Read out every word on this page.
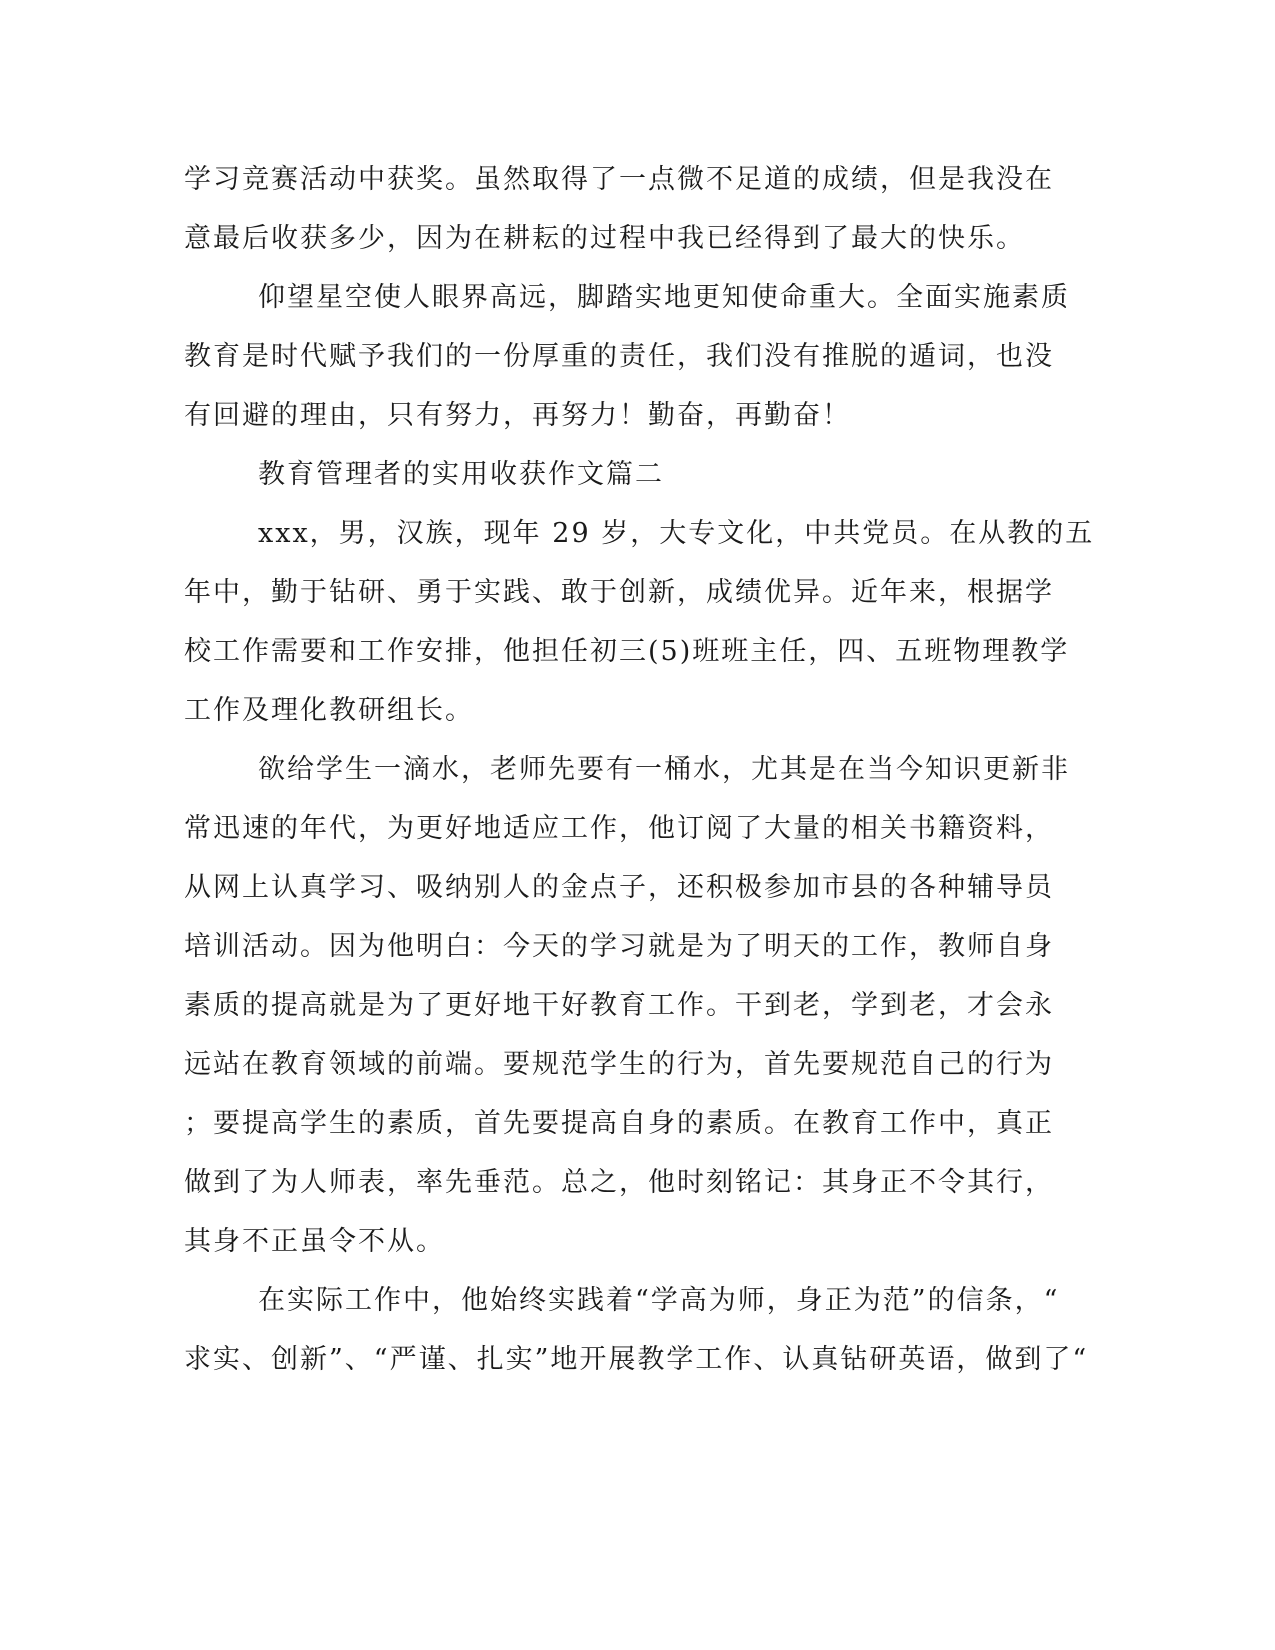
学习竞赛活动中获奖。虽然取得了一点微不足道的成绩，但是我没在
意最后收获多少，因为在耕耘的过程中我已经得到了最大的快乐。
仰望星空使人眼界高远，脚踏实地更知使命重大。全面实施素质
教育是时代赋予我们的一份厚重的责任，我们没有推脱的遁词，也没
有回避的理由，只有努力，再努力！勤奋，再勤奋！
教育管理者的实用收获作文篇二
xxx，男，汉族，现年 29 岁，大专文化，中共党员。在从教的五
年中，勤于钻研、勇于实践、敢于创新，成绩优异。近年来，根据学
校工作需要和工作安排，他担任初三(5)班班主任，四、五班物理教学
工作及理化教研组长。
欲给学生一滴水，老师先要有一桶水，尤其是在当今知识更新非
常迅速的年代，为更好地适应工作，他订阅了大量的相关书籍资料，
从网上认真学习、吸纳别人的金点子，还积极参加市县的各种辅导员
培训活动。因为他明白：今天的学习就是为了明天的工作，教师自身
素质的提高就是为了更好地干好教育工作。干到老，学到老，才会永
远站在教育领域的前端。要规范学生的行为，首先要规范自己的行为
；要提高学生的素质，首先要提高自身的素质。在教育工作中，真正
做到了为人师表，率先垂范。总之，他时刻铭记：其身正不令其行，
其身不正虽令不从。
在实际工作中，他始终实践着“学高为师，身正为范”的信条，“
求实、创新”、“严谨、扎实”地开展教学工作、认真钻研英语，做到了“
